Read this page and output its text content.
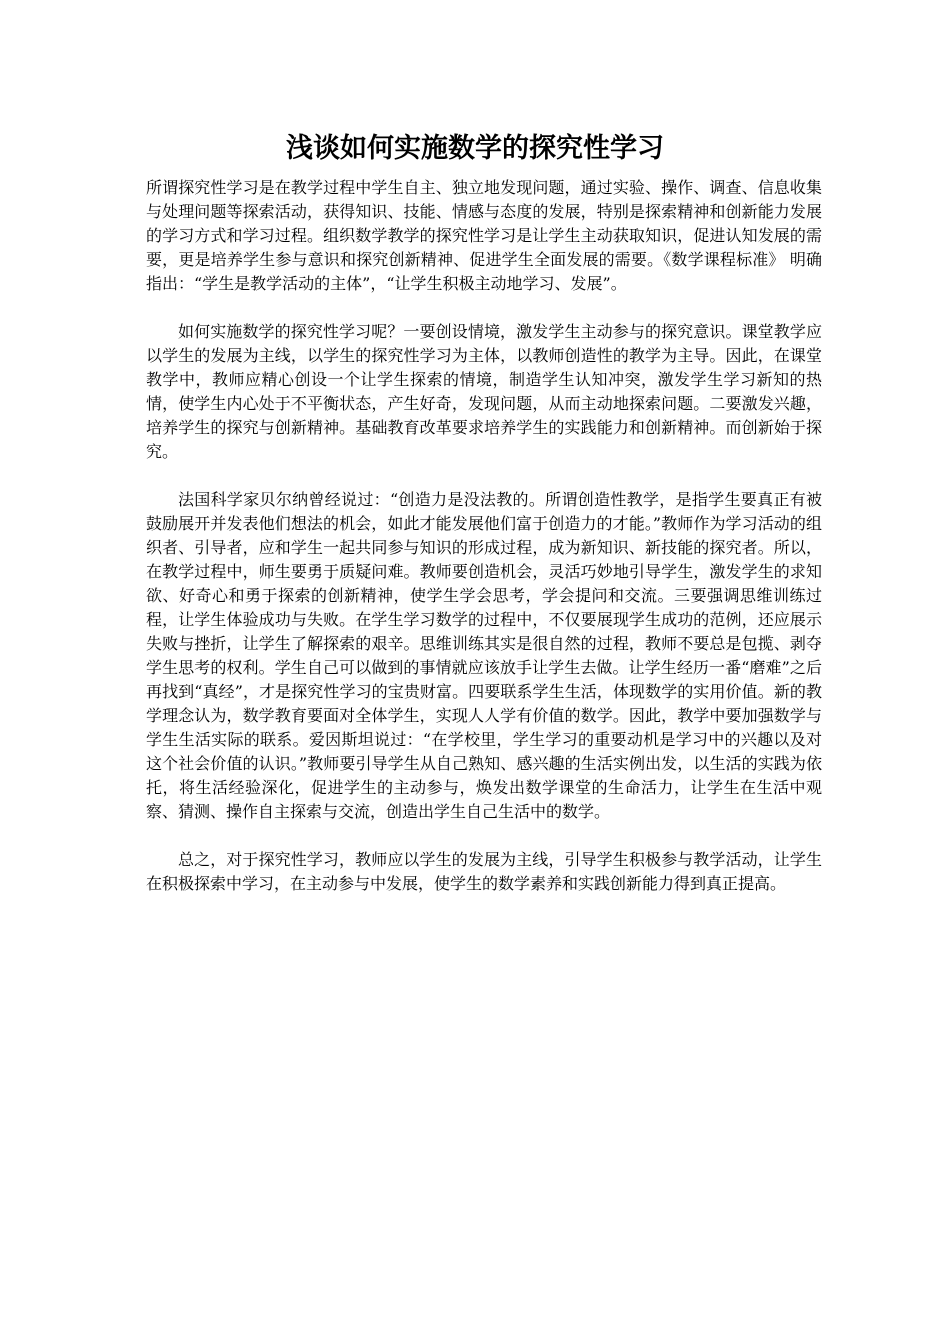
浅谈如何实施数学的探究性学习

所谓探究性学习是在教学过程中学生自主、独立地发现问题，通过实验、操作、调查、信息收集与处理问题等探索活动，获得知识、技能、情感与态度的发展，特别是探索精神和创新能力发展的学习方式和学习过程。组织数学教学的探究性学习是让学生主动获取知识，促进认知发展的需要，更是培养学生参与意识和探究创新精神、促进学生全面发展的需要。《数学课程标准》 明确指出：“学生是教学活动的主体”，“让学生积极主动地学习、发展”。

如何实施数学的探究性学习呢？一要创设情境，激发学生主动参与的探究意识。课堂教学应以学生的发展为主线，以学生的探究性学习为主体，以教师创造性的教学为主导。因此，在课堂教学中，教师应精心创设一个让学生探索的情境，制造学生认知冲突，激发学生学习新知的热情，使学生内心处于不平衡状态，产生好奇，发现问题，从而主动地探索问题。二要激发兴趣，培养学生的探究与创新精神。基础教育改革要求培养学生的实践能力和创新精神。而创新始于探究。

法国科学家贝尔纳曾经说过：“创造力是没法教的。所谓创造性教学，是指学生要真正有被鼓励展开并发表他们想法的机会，如此才能发展他们富于创造力的才能。”教师作为学习活动的组织者、引导者，应和学生一起共同参与知识的形成过程，成为新知识、新技能的探究者。所以，在教学过程中，师生要勇于质疑问难。教师要创造机会，灵活巧妙地引导学生，激发学生的求知欲、好奇心和勇于探索的创新精神，使学生学会思考，学会提问和交流。三要强调思维训练过程，让学生体验成功与失败。在学生学习数学的过程中，不仅要展现学生成功的范例，还应展示失败与挫折，让学生了解探索的艰辛。思维训练其实是很自然的过程，教师不要总是包揽、剥夺学生思考的权利。学生自己可以做到的事情就应该放手让学生去做。让学生经历一番“磨难”之后再找到“真经”，才是探究性学习的宝贵财富。四要联系学生生活，体现数学的实用价值。新的教学理念认为，数学教育要面对全体学生，实现人人学有价值的数学。因此，教学中要加强数学与学生生活实际的联系。爱因斯坦说过：“在学校里，学生学习的重要动机是学习中的兴趣以及对这个社会价值的认识。”教师要引导学生从自己熟知、感兴趣的生活实例出发，以生活的实践为依托，将生活经验深化，促进学生的主动参与，焕发出数学课堂的生命活力，让学生在生活中观察、猜测、操作自主探索与交流，创造出学生自己生活中的数学。

总之，对于探究性学习，教师应以学生的发展为主线，引导学生积极参与教学活动，让学生在积极探索中学习，在主动参与中发展，使学生的数学素养和实践创新能力得到真正提高。
